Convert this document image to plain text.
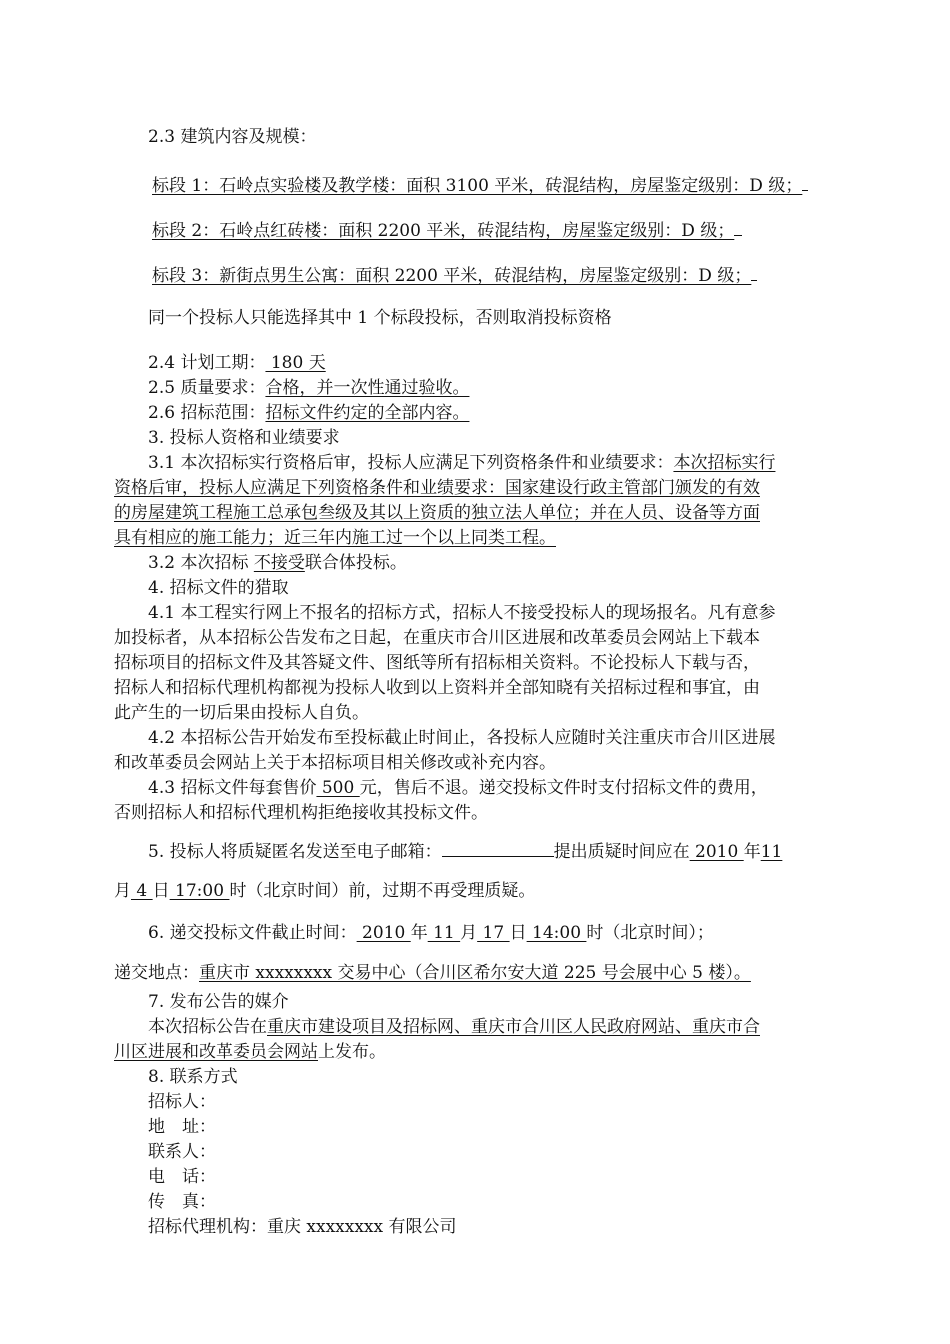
2.3 建筑内容及规模：
标段 1：石岭点实验楼及教学楼：面积 3100 平米，砖混结构，房屋鉴定级别：D 级；
标段 2：石岭点红砖楼：面积 2200 平米，砖混结构，房屋鉴定级别：D 级；
标段 3：新街点男生公寓：面积 2200 平米，砖混结构，房屋鉴定级别：D 级；
同一个投标人只能选择其中 1 个标段投标，否则取消投标资格
2.4 计划工期： 180 天
2.5 质量要求：合格，并一次性通过验收。
2.6 招标范围：招标文件约定的全部内容。
3. 投标人资格和业绩要求
3.1 本次招标实行资格后审，投标人应满足下列资格条件和业绩要求：本次招标实行
资格后审，投标人应满足下列资格条件和业绩要求：国家建设行政主管部门颁发的有效
的房屋建筑工程施工总承包叁级及其以上资质的独立法人单位；并在人员、设备等方面
具有相应的施工能力；近三年内施工过一个以上同类工程。
3.2 本次招标 不接受联合体投标。
4. 招标文件的猎取
4.1 本工程实行网上不报名的招标方式，招标人不接受投标人的现场报名。凡有意参
加投标者，从本招标公告发布之日起，在重庆市合川区进展和改革委员会网站上下载本
招标项目的招标文件及其答疑文件、图纸等所有招标相关资料。不论投标人下载与否，
招标人和招标代理机构都视为投标人收到以上资料并全部知晓有关招标过程和事宜，由
此产生的一切后果由投标人自负。
4.2 本招标公告开始发布至投标截止时间止，各投标人应随时关注重庆市合川区进展
和改革委员会网站上关于本招标项目相关修改或补充内容。
4.3 招标文件每套售价 500 元，售后不退。递交投标文件时支付招标文件的费用，
否则招标人和招标代理机构拒绝接收其投标文件。
5. 投标人将质疑匿名发送至电子邮箱：	提出质疑时间应在 2010 年11
月 4 日 17:00 时（北京时间）前，过期不再受理质疑。
6. 递交投标文件截止时间： 2010 年 11 月 17 日 14:00 时（北京时间）；
递交地点：重庆市 xxxxxxxx 交易中心（合川区希尔安大道 225 号会展中心 5 楼）。
7. 发布公告的媒介
本次招标公告在重庆市建设项目及招标网、重庆市合川区人民政府网站、重庆市合
川区进展和改革委员会网站上发布。
8. 联系方式
招标人：
地　址：
联系人：
电　话：
传　真：
招标代理机构：重庆 xxxxxxxx 有限公司
